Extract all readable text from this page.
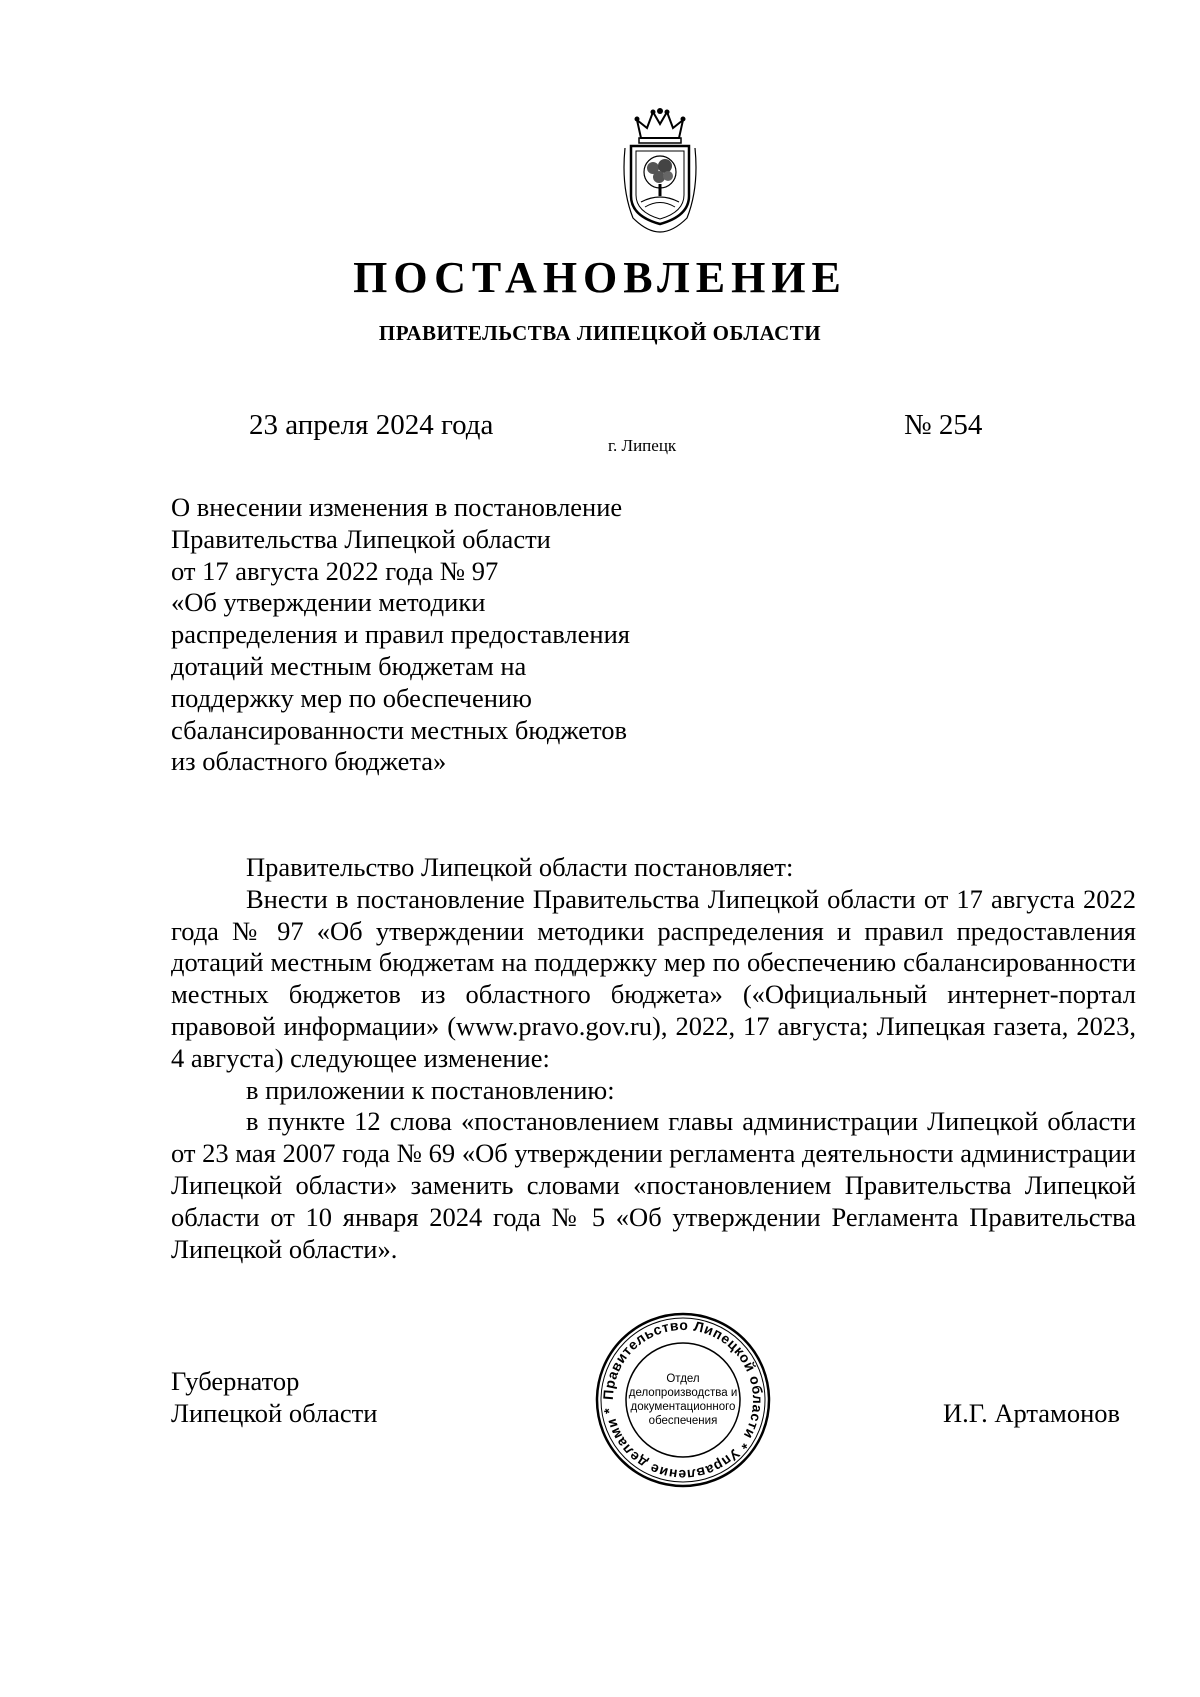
ПОСТАНОВЛЕНИЕ
ПРАВИТЕЛЬСТВА ЛИПЕЦКОЙ ОБЛАСТИ
23 апреля 2024 года
г. Липецк
№ 254
О внесении изменения в постановление
Правительства Липецкой области
от 17 августа 2022 года № 97
«Об утверждении методики
распределения и правил предоставления
дотаций местным бюджетам на
поддержку мер по обеспечению
сбалансированности местных бюджетов
из областного бюджета»

Правительство Липецкой области постановляет:

Внести в постановление Правительства Липецкой области от 17 августа 2022 года № 97 «Об утверждении методики распределения и правил предоставления дотаций местным бюджетам на поддержку мер по обеспечению сбалансированности местных бюджетов из областного бюджета» («Официальный интернет-портал правовой информации» (www.pravo.gov.ru), 2022, 17 августа; Липецкая газета, 2023, 4 августа) следующее изменение:

в приложении к постановлению:

в пункте 12 слова «постановлением главы администрации Липецкой области от 23 мая 2007 года № 69 «Об утверждении регламента деятельности администрации Липецкой области» заменить словами «постановлением Правительства Липецкой области от 10 января 2024 года № 5 «Об утверждении Регламента Правительства Липецкой области».

Губернатор
Липецкой области
Правительство Липецкой области * Управление делами *
Отдел
делопроизводства и
документационного
обеспечения	И.Г. Артамонов
